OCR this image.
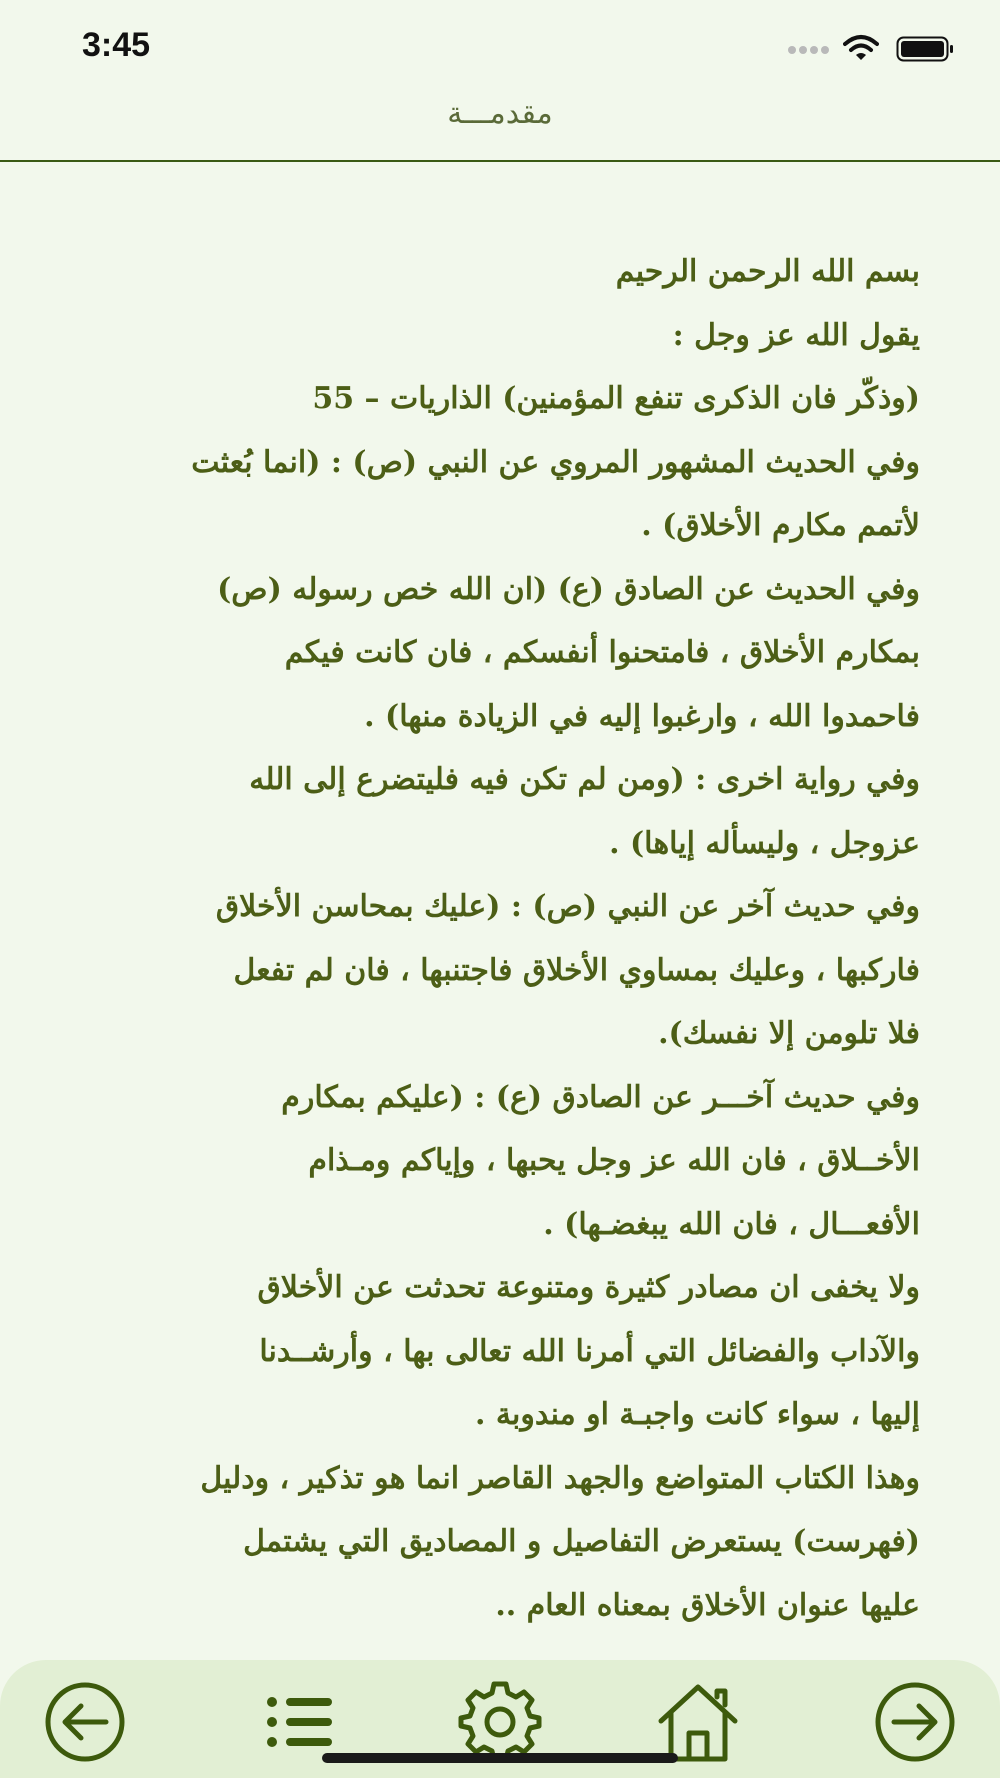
3:45
مقدمـــة

بسم الله الرحمن الرحيم

يقول الله عز وجل :

(وذكّر فان الذكرى تنفع المؤمنين) الذاريات – 55

وفي الحديث المشهور المروي عن النبي (ص) : (انما بُعثت

لأتمم مكارم الأخلاق) .

وفي الحديث عن الصادق (ع) (ان الله خص رسوله (ص)

بمكارم الأخلاق ، فامتحنوا أنفسكم ، فان كانت فيكم

فاحمدوا الله ، وارغبوا إليه في الزيادة منها) .

وفي رواية اخرى : (ومن لم تكن فيه فليتضرع إلى الله

عزوجل ، وليسأله إياها) .

وفي حديث آخر عن النبي (ص) : (عليك بمحاسن الأخلاق

فاركبها ، وعليك بمساوي الأخلاق فاجتنبها ، فان لم تفعل

فلا تلومن إلا نفسك).

وفي حديث آخـــر عن الصادق (ع) : (عليكم بمكارم

الأخــلاق ، فان الله عز وجل يحبها ، وإياكم ومـذام

الأفعـــال ، فان الله يبغضـها) .

ولا يخفى ان مصادر كثيرة ومتنوعة تحدثت عن الأخلاق

والآداب والفضائل التي أمرنا الله تعالى بها ، وأرشــدنا

إليها ، سواء كانت واجبـة او مندوبة .

وهذا الكتاب المتواضع والجهد القاصر انما هو تذكير ، ودليل

(فهرست) يستعرض التفاصيل و المصاديق التي يشتمل

عليها عنوان الأخلاق بمعناه العام ..
